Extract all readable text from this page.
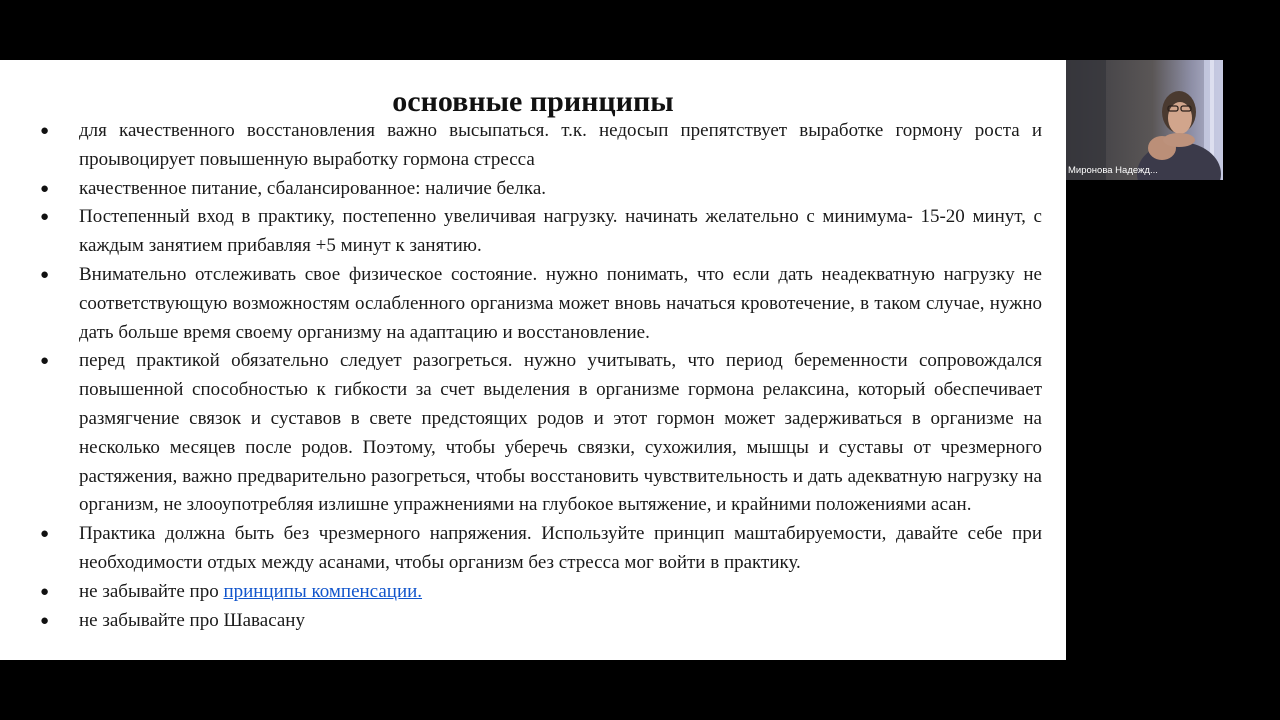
основные принципы
● для качественного восстановления важно высыпаться. т.к. недосып препятствует выработке гормону роста и проывоцирует повышенную выработку гормона стресса
● качественное питание, сбалансированное: наличие белка.
● Постепенный вход в практику, постепенно увеличивая нагрузку. начинать желательно с минимума- 15-20 минут, с каждым занятием прибавляя +5 минут к занятию.
● Внимательно отслеживать свое физическое состояние. нужно понимать, что если дать неадекватную нагрузку не соответствующую возможностям ослабленного организма может вновь начаться кровотечение, в таком случае, нужно дать больше время своему организму на адаптацию и восстановление.
● перед практикой обязательно следует разогреться. нужно учитывать, что период беременности сопровождался повышенной способностью к гибкости за счет выделения в организме гормона релаксина, который обеспечивает размягчение связок и суставов в свете предстоящих родов и этот гормон может задерживаться в организме на несколько месяцев после родов. Поэтому, чтобы уберечь связки, сухожилия, мышцы и суставы от чрезмерного растяжения, важно предварительно разогреться, чтобы восстановить чувствительность и дать адекватную нагрузку на организм, не злооупотребляя излишне упражнениями на глубокое вытяжение, и крайними положениями асан.
● Практика должна быть без чрезмерного напряжения. Используйте принцип маштабируемости, давайте себе при необходимости отдых между асанами, чтобы организм без стресса мог войти в практику.
● не забывайте про принципы компенсации.
● не забывайте про Шавасану
Миронова Надежд...
